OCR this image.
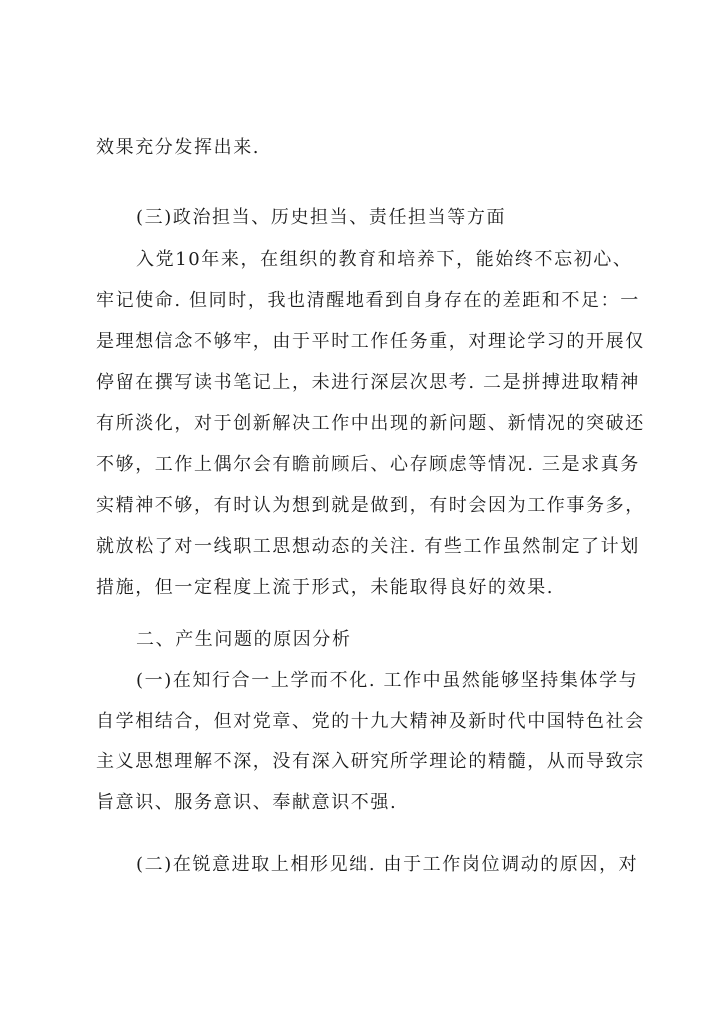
效果充分发挥出来.
(三)政治担当、历史担当、责任担当等方面
入党10年来，在组织的教育和培养下，能始终不忘初心、
牢记使命. 但同时，我也清醒地看到自身存在的差距和不足：一
是理想信念不够牢，由于平时工作任务重，对理论学习的开展仅
停留在撰写读书笔记上，未进行深层次思考. 二是拼搏进取精神
有所淡化，对于创新解决工作中出现的新问题、新情况的突破还
不够，工作上偶尔会有瞻前顾后、心存顾虑等情况. 三是求真务
实精神不够，有时认为想到就是做到，有时会因为工作事务多，
就放松了对一线职工思想动态的关注. 有些工作虽然制定了计划
措施，但一定程度上流于形式，未能取得良好的效果.
二、产生问题的原因分析
(一)在知行合一上学而不化. 工作中虽然能够坚持集体学与
自学相结合，但对党章、党的十九大精神及新时代中国特色社会
主义思想理解不深，没有深入研究所学理论的精髓，从而导致宗
旨意识、服务意识、奉献意识不强.
(二)在锐意进取上相形见绌. 由于工作岗位调动的原因，对
